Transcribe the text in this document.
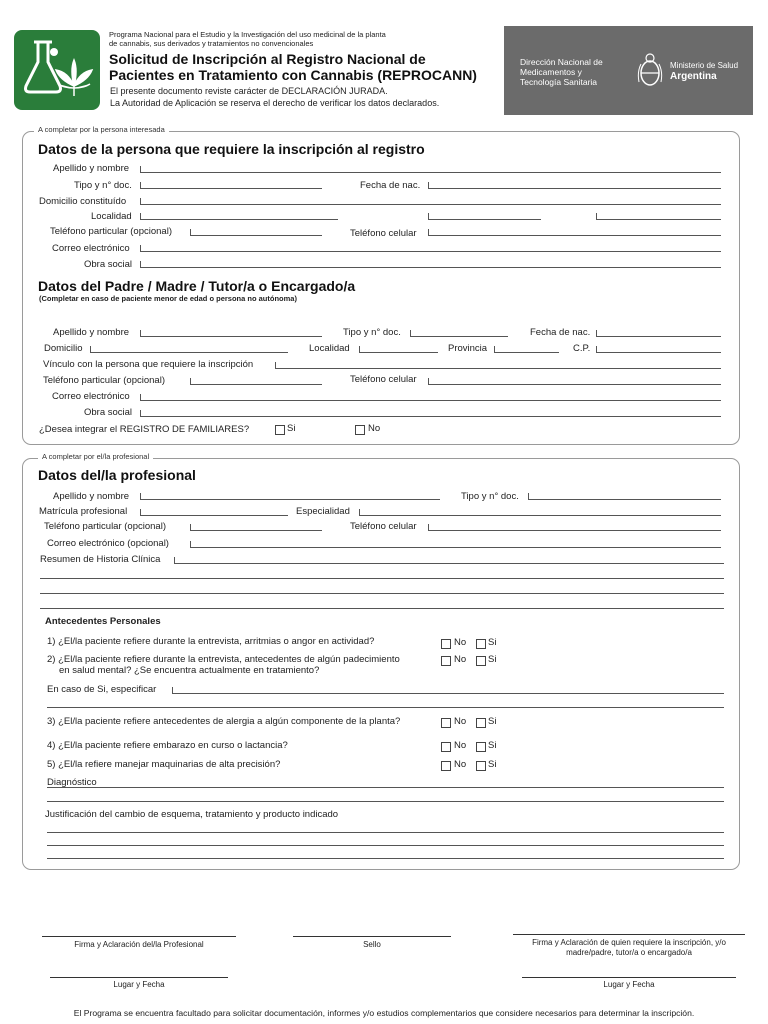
Programa Nacional para el Estudio y la Investigación del uso medicinal de la planta
de cannabis, sus derivados y tratamientos no convencionales
Solicitud de Inscripción al Registro Nacional de
Pacientes en Tratamiento con Cannabis (REPROCANN)
El presente documento reviste carácter de DECLARACIÓN JURADA.
La Autoridad de Aplicación se reserva el derecho de verificar los datos declarados.
Dirección Nacional de
Medicamentos y
Tecnología Sanitaria
Ministerio de Salud
Argentina
A completar por la persona interesada
Datos de la persona que requiere la inscripción al registro
Apellido y nombre
Tipo y n° doc.	Fecha de nac.
Domicilio constituído
Localidad
Teléfono particular (opcional)	Teléfono celular
Correo electrónico
Obra social
Datos del Padre / Madre / Tutor/a o Encargado/a
(Completar en caso de paciente menor de edad o persona no autónoma)
Apellido y nombre	Tipo y n° doc.	Fecha de nac.
Domicilio	Localidad	Provincia	C.P.
Vínculo con la persona que requiere la inscripción
Teléfono particular (opcional)	Teléfono celular
Correo electrónico
Obra social
¿Desea integrar el REGISTRO DE FAMILIARES?	Si	No
A completar por el/la profesional
Datos del/la profesional
Apellido y nombre	Tipo y n° doc.
Matrícula profesional	Especialidad
Teléfono particular (opcional)	Teléfono celular
Correo electrónico (opcional)
Resumen de Historia Clínica
Antecedentes Personales
1) ¿El/la paciente refiere durante la entrevista, arritmias o angor en actividad?	No Si
2) ¿El/la paciente refiere durante la entrevista, antecedentes de algún padecimiento
en salud mental? ¿Se encuentra actualmente en tratamiento?
No Si
En caso de Si, especificar
3) ¿El/la paciente refiere antecedentes de alergia a algún componente de la planta?	No Si
4) ¿El/la paciente refiere embarazo en curso o lactancia?	No Si
5) ¿El/la refiere manejar maquinarias de alta precisión?	No Si
Diagnóstico
Justificación del cambio de esquema, tratamiento y producto indicado
Firma y Aclaración del/la Profesional	Sello	Firma y Aclaración de quien requiere la inscripción, y/o
madre/padre, tutor/a o encargado/a
Lugar y Fecha	Lugar y Fecha
El Programa se encuentra facultado para solicitar documentación, informes y/o estudios complementarios que considere necesarios para determinar la inscripción.
